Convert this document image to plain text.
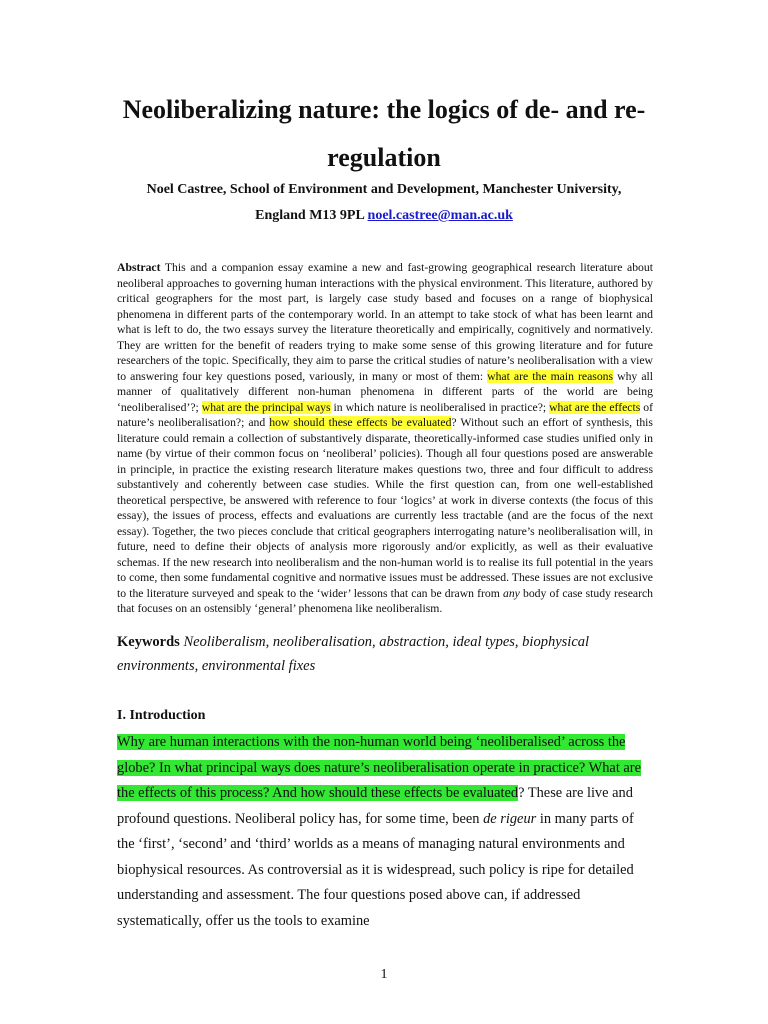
Neoliberalizing nature: the logics of de- and re-regulation
Noel Castree, School of Environment and Development, Manchester University,
England M13 9PL noel.castree@man.ac.uk
Abstract This and a companion essay examine a new and fast-growing geographical research literature about neoliberal approaches to governing human interactions with the physical environment. This literature, authored by critical geographers for the most part, is largely case study based and focuses on a range of biophysical phenomena in different parts of the contemporary world. In an attempt to take stock of what has been learnt and what is left to do, the two essays survey the literature theoretically and empirically, cognitively and normatively. They are written for the benefit of readers trying to make some sense of this growing literature and for future researchers of the topic. Specifically, they aim to parse the critical studies of nature’s neoliberalisation with a view to answering four key questions posed, variously, in many or most of them: what are the main reasons why all manner of qualitatively different non-human phenomena in different parts of the world are being ‘neoliberalised’?; what are the principal ways in which nature is neoliberalised in practice?; what are the effects of nature’s neoliberalisation?; and how should these effects be evaluated? Without such an effort of synthesis, this literature could remain a collection of substantively disparate, theoretically-informed case studies unified only in name (by virtue of their common focus on ‘neoliberal’ policies). Though all four questions posed are answerable in principle, in practice the existing research literature makes questions two, three and four difficult to address substantively and coherently between case studies. While the first question can, from one well-established theoretical perspective, be answered with reference to four ‘logics’ at work in diverse contexts (the focus of this essay), the issues of process, effects and evaluations are currently less tractable (and are the focus of the next essay). Together, the two pieces conclude that critical geographers interrogating nature’s neoliberalisation will, in future, need to define their objects of analysis more rigorously and/or explicitly, as well as their evaluative schemas. If the new research into neoliberalism and the non-human world is to realise its full potential in the years to come, then some fundamental cognitive and normative issues must be addressed. These issues are not exclusive to the literature surveyed and speak to the ‘wider’ lessons that can be drawn from any body of case study research that focuses on an ostensibly ‘general’ phenomena like neoliberalism.
Keywords Neoliberalism, neoliberalisation, abstraction, ideal types, biophysical environments, environmental fixes
I. Introduction
Why are human interactions with the non-human world being ‘neoliberalised’ across the globe? In what principal ways does nature’s neoliberalisation operate in practice? What are the effects of this process? And how should these effects be evaluated? These are live and profound questions. Neoliberal policy has, for some time, been de rigeur in many parts of the ‘first’, ‘second’ and ‘third’ worlds as a means of managing natural environments and biophysical resources. As controversial as it is widespread, such policy is ripe for detailed understanding and assessment. The four questions posed above can, if addressed systematically, offer us the tools to examine
1
